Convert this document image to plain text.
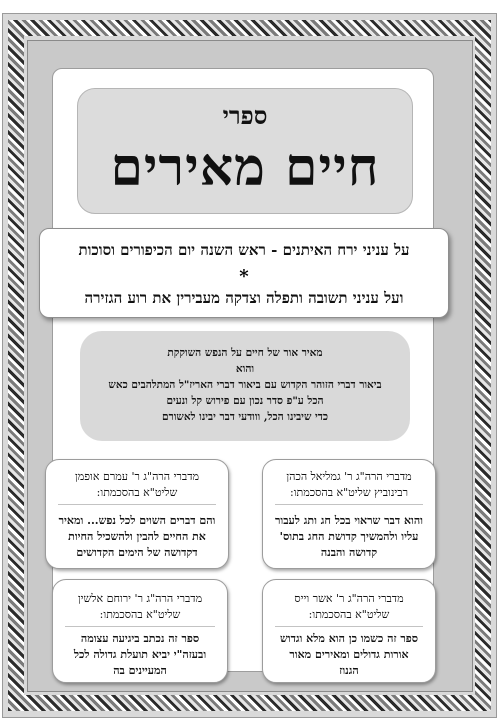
ספרי
חיים מאירים
על עניני ירח האיתנים - ראש השנה יום הכיפורים וסוכות
*
ועל עניני תשובה ותפלה וצדקה מעבירין את רוע הגזירה
מאיר אור של חיים על הנפש השוקקת
והוא
ביאור דברי הזוהר הקדוש עם ביאור דברי האריז"ל המתלהבים כאש
הכל ע"פ סדר נכון עם פירוש קל ונעים
כדי שיבינו הכל, ווודעי דבר יבינו לאשורם
מדברי הרה"ג ר' גמליאל הכהן
רבינוביץ שליט"א בהסכמתו:
והוא דבר שראוי בכל חג ותג לעבור
עליו ולהמשיך קדושת החג בתוס'
קדושה והבנה
מדברי הרה"ג ר' עמרם אופמן
שליט"א בהסכמתו:
והם דברים השוים לכל נפש... ומאיר
את החיים להבין ולהשכיל החיות
דקדושה של הימים הקדושים
מדברי הרה"ג ר' אשר וייס
שליט"א בהסכמתו:
ספר זה כשמו כן הוא מלא וגדוש
אורות גדולים ומאירים מאור
הגנוז
מדברי הרה"ג ר' ירוחם אלשין
שליט"א בהסכמתו:
ספר זה נכתב ביגיעה עצומה
ובעזה"י יביא תועלת גדולה לכל
המעיינים בה
